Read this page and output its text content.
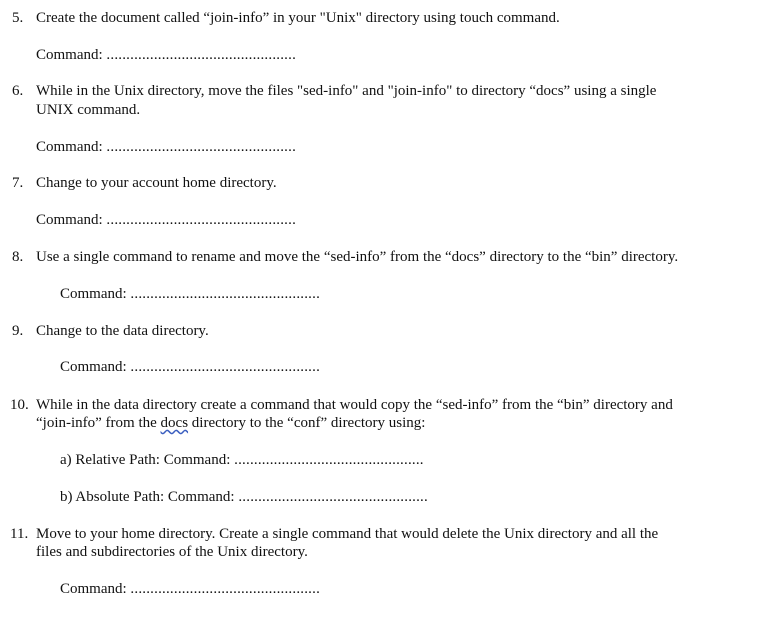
5. Create the document called “join-info” in your "Unix" directory using touch command.
Command: ................................................
6. While in the Unix directory, move the files "sed-info" and "join-info" to directory “docs” using a single
UNIX command.
Command: ................................................
7. Change to your account home directory.
Command: ................................................
8. Use a single command to rename and move the “sed-info” from the “docs” directory to the “bin” directory.
Command: ................................................
9. Change to the data directory.
Command: ................................................
10. While in the data directory create a command that would copy the “sed-info” from the “bin” directory and
“join-info” from the docs directory to the “conf” directory using:
a) Relative Path: Command: ................................................
b) Absolute Path: Command: ................................................
11. Move to your home directory. Create a single command that would delete the Unix directory and all the
files and subdirectories of the Unix directory.
Command: ................................................
